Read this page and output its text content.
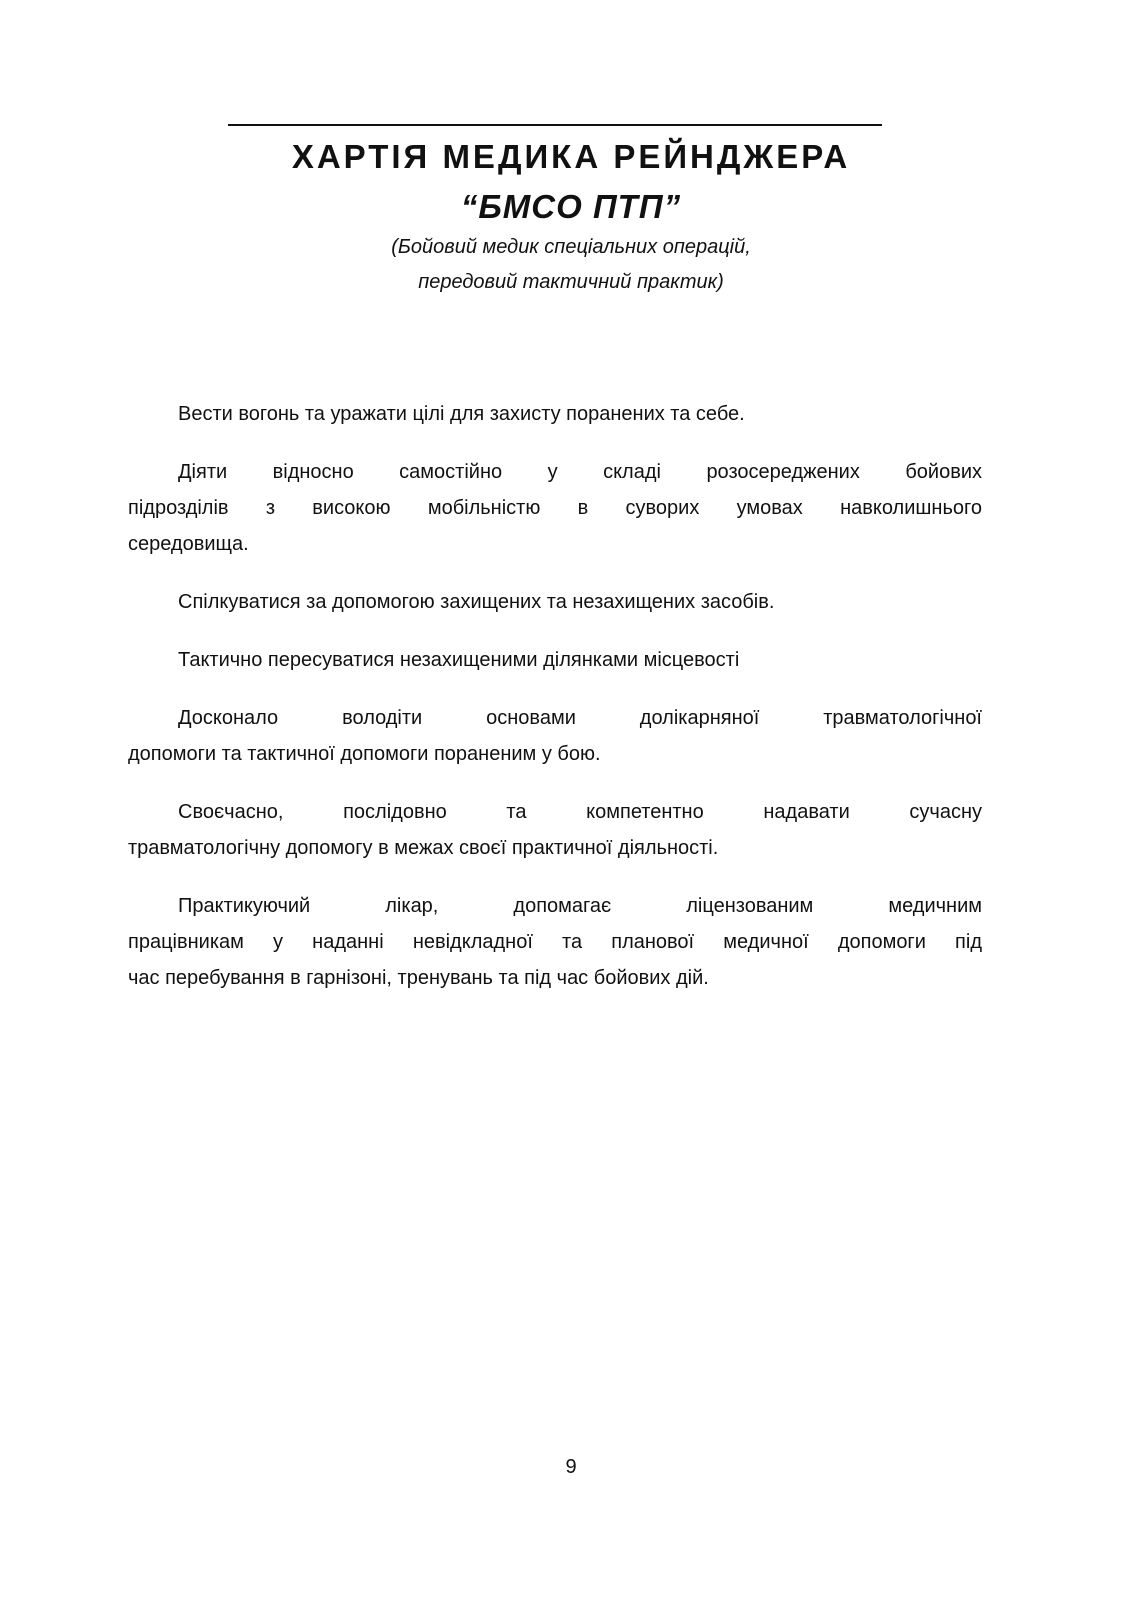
ХАРТІЯ МЕДИКА РЕЙНДЖЕРА
“БМСО ПТП”
(Бойовий медик спеціальних операцій,
передовий тактичний практик)
Вести вогонь та уражати цілі для захисту поранених та себе.
Діяти відносно самостійно у складі розосереджених бойових
підрозділів з високою мобільністю в суворих умовах навколишнього
середовища.
Спілкуватися за допомогою захищених та незахищених засобів.
Тактично пересуватися незахищеними ділянками місцевості
Досконало володіти основами долікарняної травматологічної
допомоги та тактичної допомоги пораненим у бою.
Своєчасно, послідовно та компетентно надавати сучасну
травматологічну допомогу в межах своєї практичної діяльності.
Практикуючий лікар, допомагає ліцензованим медичним
працівникам у наданні невідкладної та планової медичної допомоги під
час перебування в гарнізоні, тренувань та під час бойових дій.
9
